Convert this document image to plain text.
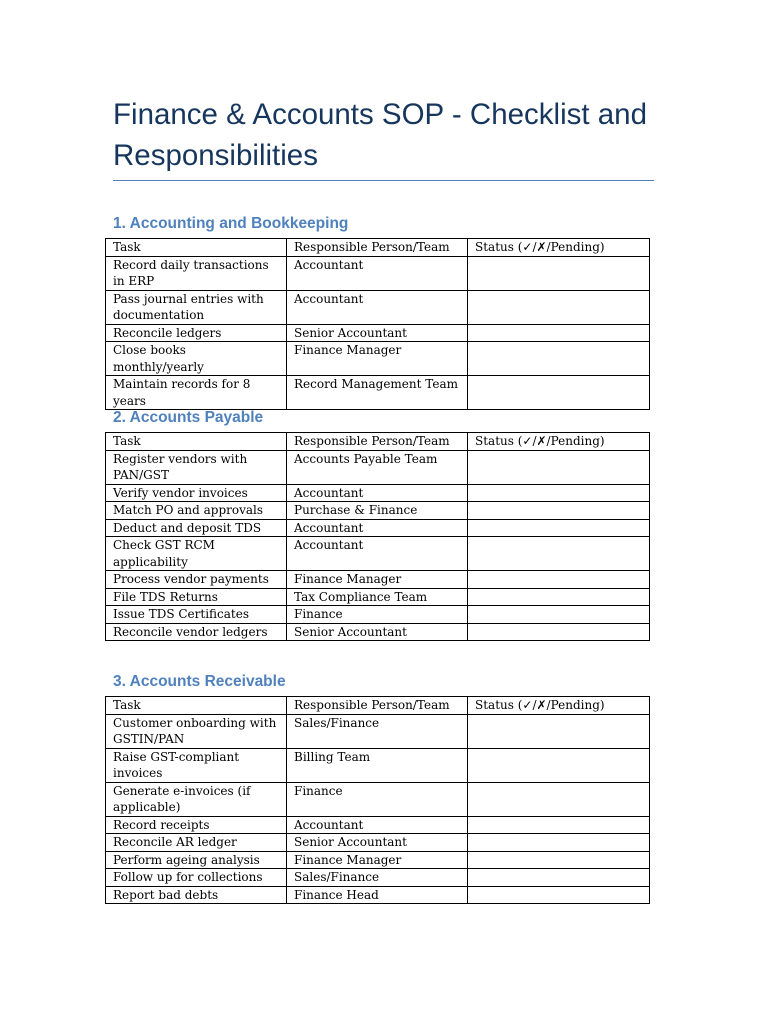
Finance & Accounts SOP - Checklist and Responsibilities
1. Accounting and Bookkeeping
Task	Responsible Person/Team	Status (✓/✗/Pending)
Record daily transactions in ERP	Accountant	
Pass journal entries with documentation	Accountant	
Reconcile ledgers	Senior Accountant	
Close books monthly/yearly	Finance Manager	
Maintain records for 8 years	Record Management Team	
2. Accounts Payable
Task	Responsible Person/Team	Status (✓/✗/Pending)
Register vendors with PAN/GST	Accounts Payable Team	
Verify vendor invoices	Accountant	
Match PO and approvals	Purchase & Finance	
Deduct and deposit TDS	Accountant	
Check GST RCM applicability	Accountant	
Process vendor payments	Finance Manager	
File TDS Returns	Tax Compliance Team	
Issue TDS Certificates	Finance	
Reconcile vendor ledgers	Senior Accountant	
3. Accounts Receivable
Task	Responsible Person/Team	Status (✓/✗/Pending)
Customer onboarding with GSTIN/PAN	Sales/Finance	
Raise GST-compliant invoices	Billing Team	
Generate e-invoices (if applicable)	Finance	
Record receipts	Accountant	
Reconcile AR ledger	Senior Accountant	
Perform ageing analysis	Finance Manager	
Follow up for collections	Sales/Finance	
Report bad debts	Finance Head	
